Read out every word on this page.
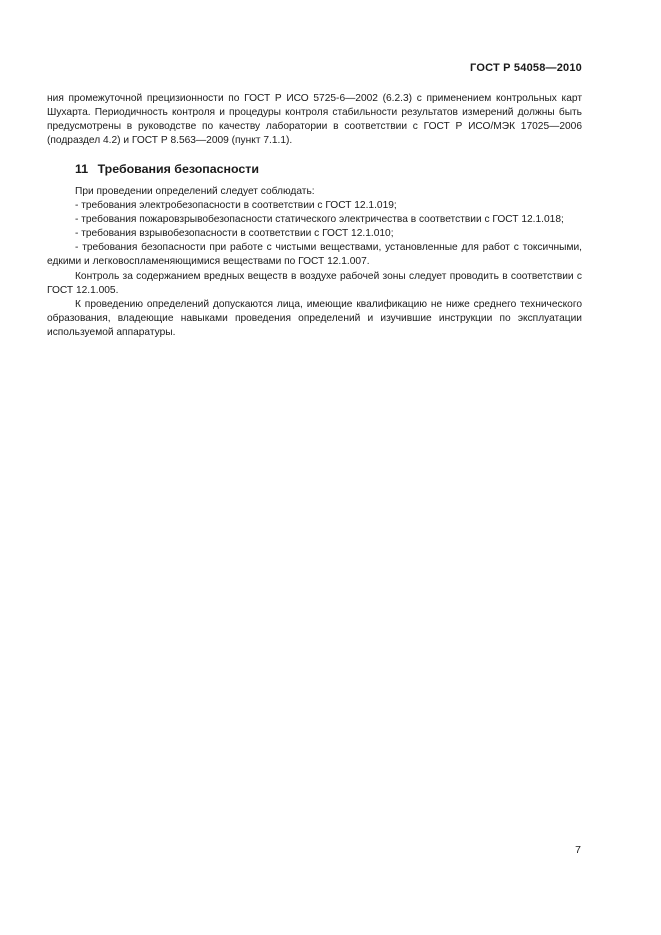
ГОСТ Р 54058—2010

ния промежуточной прецизионности по ГОСТ Р ИСО 5725-6—2002 (6.2.3) с применением контрольных карт Шухарта. Периодичность контроля и процедуры контроля стабильности результатов измерений должны быть предусмотрены в руководстве по качеству лаборатории в соответствии с ГОСТ Р ИСО/МЭК 17025—2006 (подраздел 4.2) и ГОСТ Р 8.563—2009 (пункт 7.1.1).

11 Требования безопасности

При проведении определений следует соблюдать:

- требования электробезопасности в соответствии с ГОСТ 12.1.019;

- требования пожаровзрывобезопасности статического электричества в соответствии с ГОСТ 12.1.018;

- требования взрывобезопасности в соответствии с ГОСТ 12.1.010;

- требования безопасности при работе с чистыми веществами, установленные для работ с токсичными, едкими и легковоспламеняющимися веществами по ГОСТ 12.1.007.

Контроль за содержанием вредных веществ в воздухе рабочей зоны следует проводить в соответствии с ГОСТ 12.1.005.

К проведению определений допускаются лица, имеющие квалификацию не ниже среднего технического образования, владеющие навыками проведения определений и изучившие инструкции по эксплуатации используемой аппаратуры.

7
